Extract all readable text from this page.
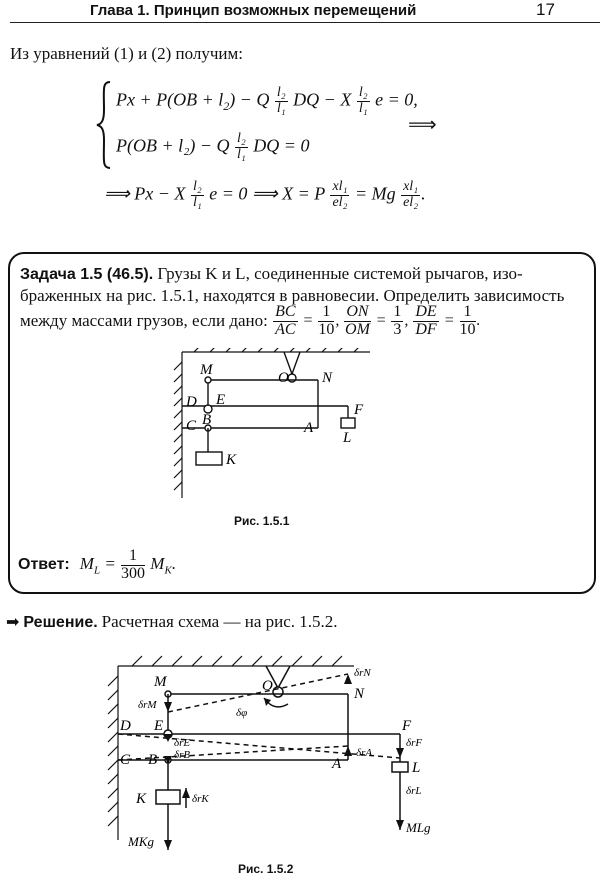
Глава 1. Принцип возможных перемещений	17
Из уравнений (1) и (2) получим:
$Px + P(OB + l_2) - Q \frac{\text{l₂}}{\text{l₁}}$ DQ − X $\frac{\text{l₂}}{\text{l₁}}$ e = 0,
⟹
P(OB + l₂) − Q $\frac{\text{l₂}}{\text{l₁}}$ DQ = 0
⟹ Px − X $\frac{\text{l₂}}{\text{l₁}}$ e = 0 ⟹ X = P $\frac{\text{xl₁}}{\text{el₂}} = Mg \frac{\text{xl₁}}{\text{el₂}}$ .
Задача 1.5 (46.5). Грузы K и L, соединенные системой рычагов, изо-
браженных на рис. 1.5.1, находятся в равновесии. Определить зависимость
между массами грузов, если дано: $\frac{BC}{AC} = \frac{1}{10}$ , $\frac{ON}{OM} = \frac{1}{3}$ , $\frac{DE}{DF} = \frac{1}{10}$ .
M	O N
D E
F
C B	A
L
K
Рис. 1.5.1
Ответ: $M_L = \frac{1}{300} M_K$.
➡ Решение. Расчетная схема — на рис. 1.5.2.
M	O	N
D E	F
C B	A	L
K
δrN
δrM
δφ
δrE
δrB	δrA
δrF
δrK
δrL
MKg
MLg
Рис. 1.5.2
